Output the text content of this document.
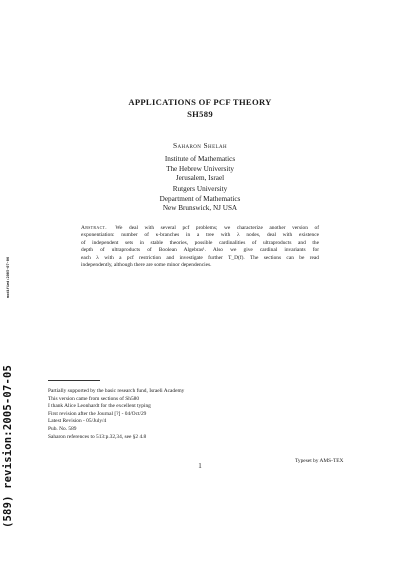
APPLICATIONS OF PCF THEORY
SH589
Saharon Shelah
Institute of Mathematics
The Hebrew University
Jerusalem, Israel
Rutgers University
Department of Mathematics
New Brunswick, NJ USA
Abstract. We deal with several pcf problems; we characterize another version of
exponentiation: number of κ-branches in a tree with λ nodes, deal with existence
of independent sets in stable theories, possible cardinalities of ultraproducts and the
depth of ultraproducts of Boolean Algebras¹. Also we give cardinal invariants for
each λ with a pcf restriction and investigate further T_D(f). The sections can be read
independently, although there are some minor dependencies.
modified:2005-07-06
(589) revision:2005-07-05	Partially supported by the basic research fund, Israeli Academy
This version came from sections of Sh580
I thank Alice Leonhardt for the excellent typing
First revision after the Journal [?] - 04/Oct/29
Latest Revision - 05/July/4
Pub. No. 589
Saharon references to 513:p.32,34, see §2 4.8
1
Typeset by AMS-TEX
